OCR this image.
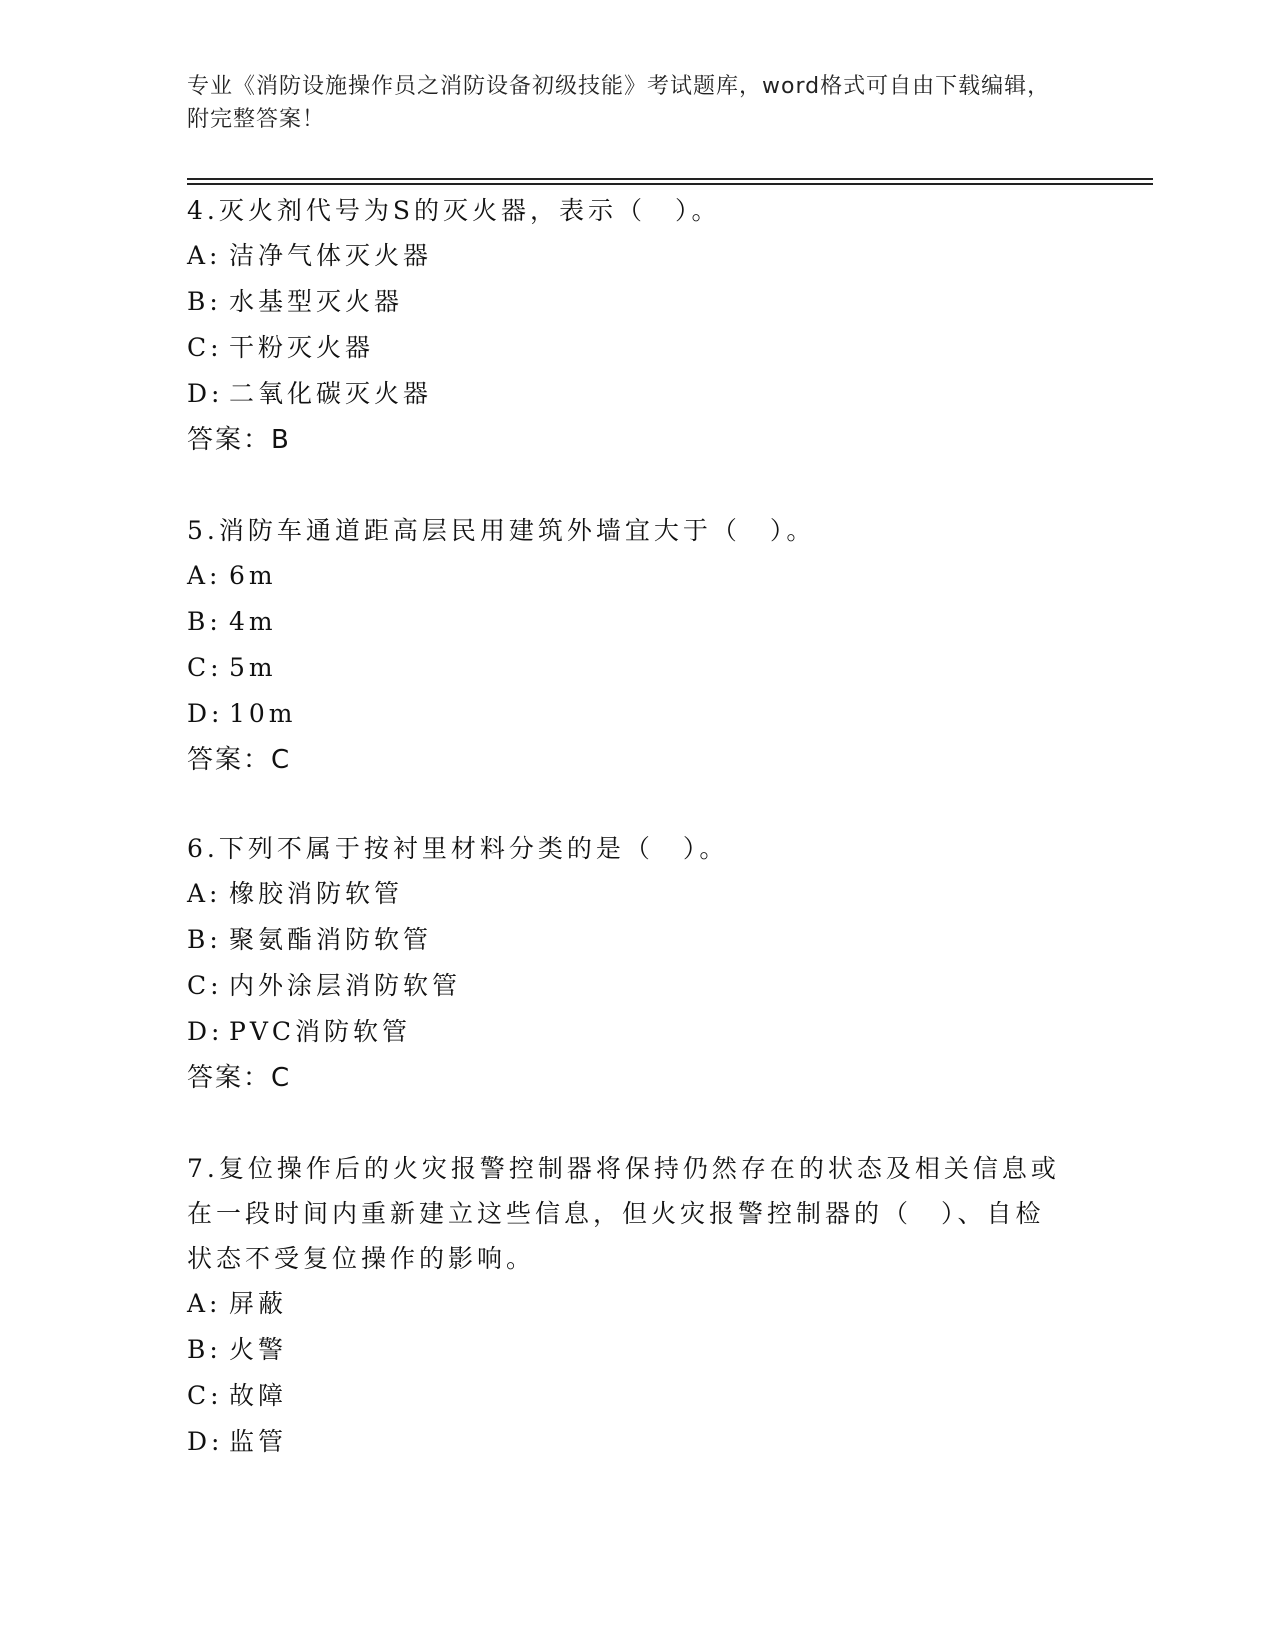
专业《消防设施操作员之消防设备初级技能》考试题库，word格式可自由下载编辑，附完整答案！

4.灭火剂代号为S的灭火器，表示（　）。

A: 洁净气体灭火器

B: 水基型灭火器

C: 干粉灭火器

D: 二氧化碳灭火器

答案：B

5.消防车通道距高层民用建筑外墙宜大于（　）。

A: 6m

B: 4m

C: 5m

D: 10m

答案：C

6.下列不属于按衬里材料分类的是（　）。

A: 橡胶消防软管

B: 聚氨酯消防软管

C: 内外涂层消防软管

D: PVC消防软管

答案：C

7.复位操作后的火灾报警控制器将保持仍然存在的状态及相关信息或在一段时间内重新建立这些信息，但火灾报警控制器的（　）、自检状态不受复位操作的影响。

A: 屏蔽

B: 火警

C: 故障

D: 监管
